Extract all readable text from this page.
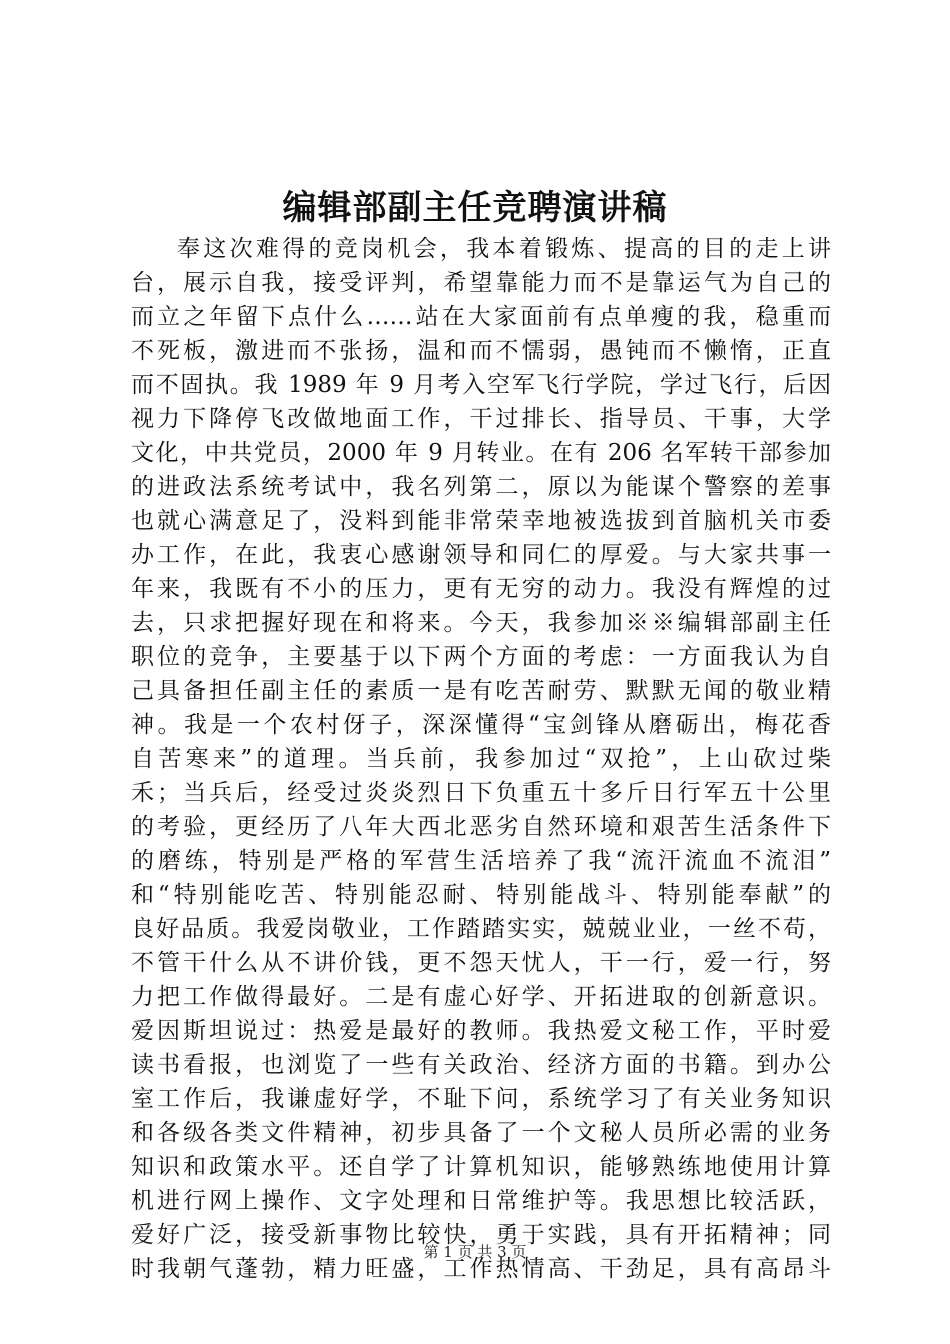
编辑部副主任竞聘演讲稿
奉这次难得的竞岗机会，我本着锻炼、提高的目的走上讲
台，展示自我，接受评判，希望靠能力而不是靠运气为自己的
而立之年留下点什么……站在大家面前有点单瘦的我，稳重而
不死板，激进而不张扬，温和而不懦弱，愚钝而不懒惰，正直
而不固执。我 1989 年 9 月考入空军飞行学院，学过飞行，后因
视力下降停飞改做地面工作，干过排长、指导员、干事，大学
文化，中共党员，2000 年 9 月转业。在有 206 名军转干部参加
的进政法系统考试中，我名列第二，原以为能谋个警察的差事
也就心满意足了，没料到能非常荣幸地被选拔到首脑机关市委
办工作，在此，我衷心感谢领导和同仁的厚爱。与大家共事一
年来，我既有不小的压力，更有无穷的动力。我没有辉煌的过
去，只求把握好现在和将来。今天，我参加※※编辑部副主任
职位的竞争，主要基于以下两个方面的考虑：一方面我认为自
己具备担任副主任的素质一是有吃苦耐劳、默默无闻的敬业精
神。我是一个农村伢子，深深懂得“宝剑锋从磨砺出，梅花香
自苦寒来”的道理。当兵前，我参加过“双抢”，上山砍过柴
禾；当兵后，经受过炎炎烈日下负重五十多斤日行军五十公里
的考验，更经历了八年大西北恶劣自然环境和艰苦生活条件下
的磨练，特别是严格的军营生活培养了我“流汗流血不流泪”
和“特别能吃苦、特别能忍耐、特别能战斗、特别能奉献”的
良好品质。我爱岗敬业，工作踏踏实实，兢兢业业，一丝不苟，
不管干什么从不讲价钱，更不怨天忧人，干一行，爱一行，努
力把工作做得最好。二是有虚心好学、开拓进取的创新意识。
爱因斯坦说过：热爱是最好的教师。我热爱文秘工作，平时爱
读书看报，也浏览了一些有关政治、经济方面的书籍。到办公
室工作后，我谦虚好学，不耻下问，系统学习了有关业务知识
和各级各类文件精神，初步具备了一个文秘人员所必需的业务
知识和政策水平。还自学了计算机知识，能够熟练地使用计算
机进行网上操作、文字处理和日常维护等。我思想比较活跃，
爱好广泛，接受新事物比较快，勇于实践，具有开拓精神；同
时我朝气蓬勃，精力旺盛，工作热情高、干劲足，具有高昂斗
第 1 页 共 3 页
